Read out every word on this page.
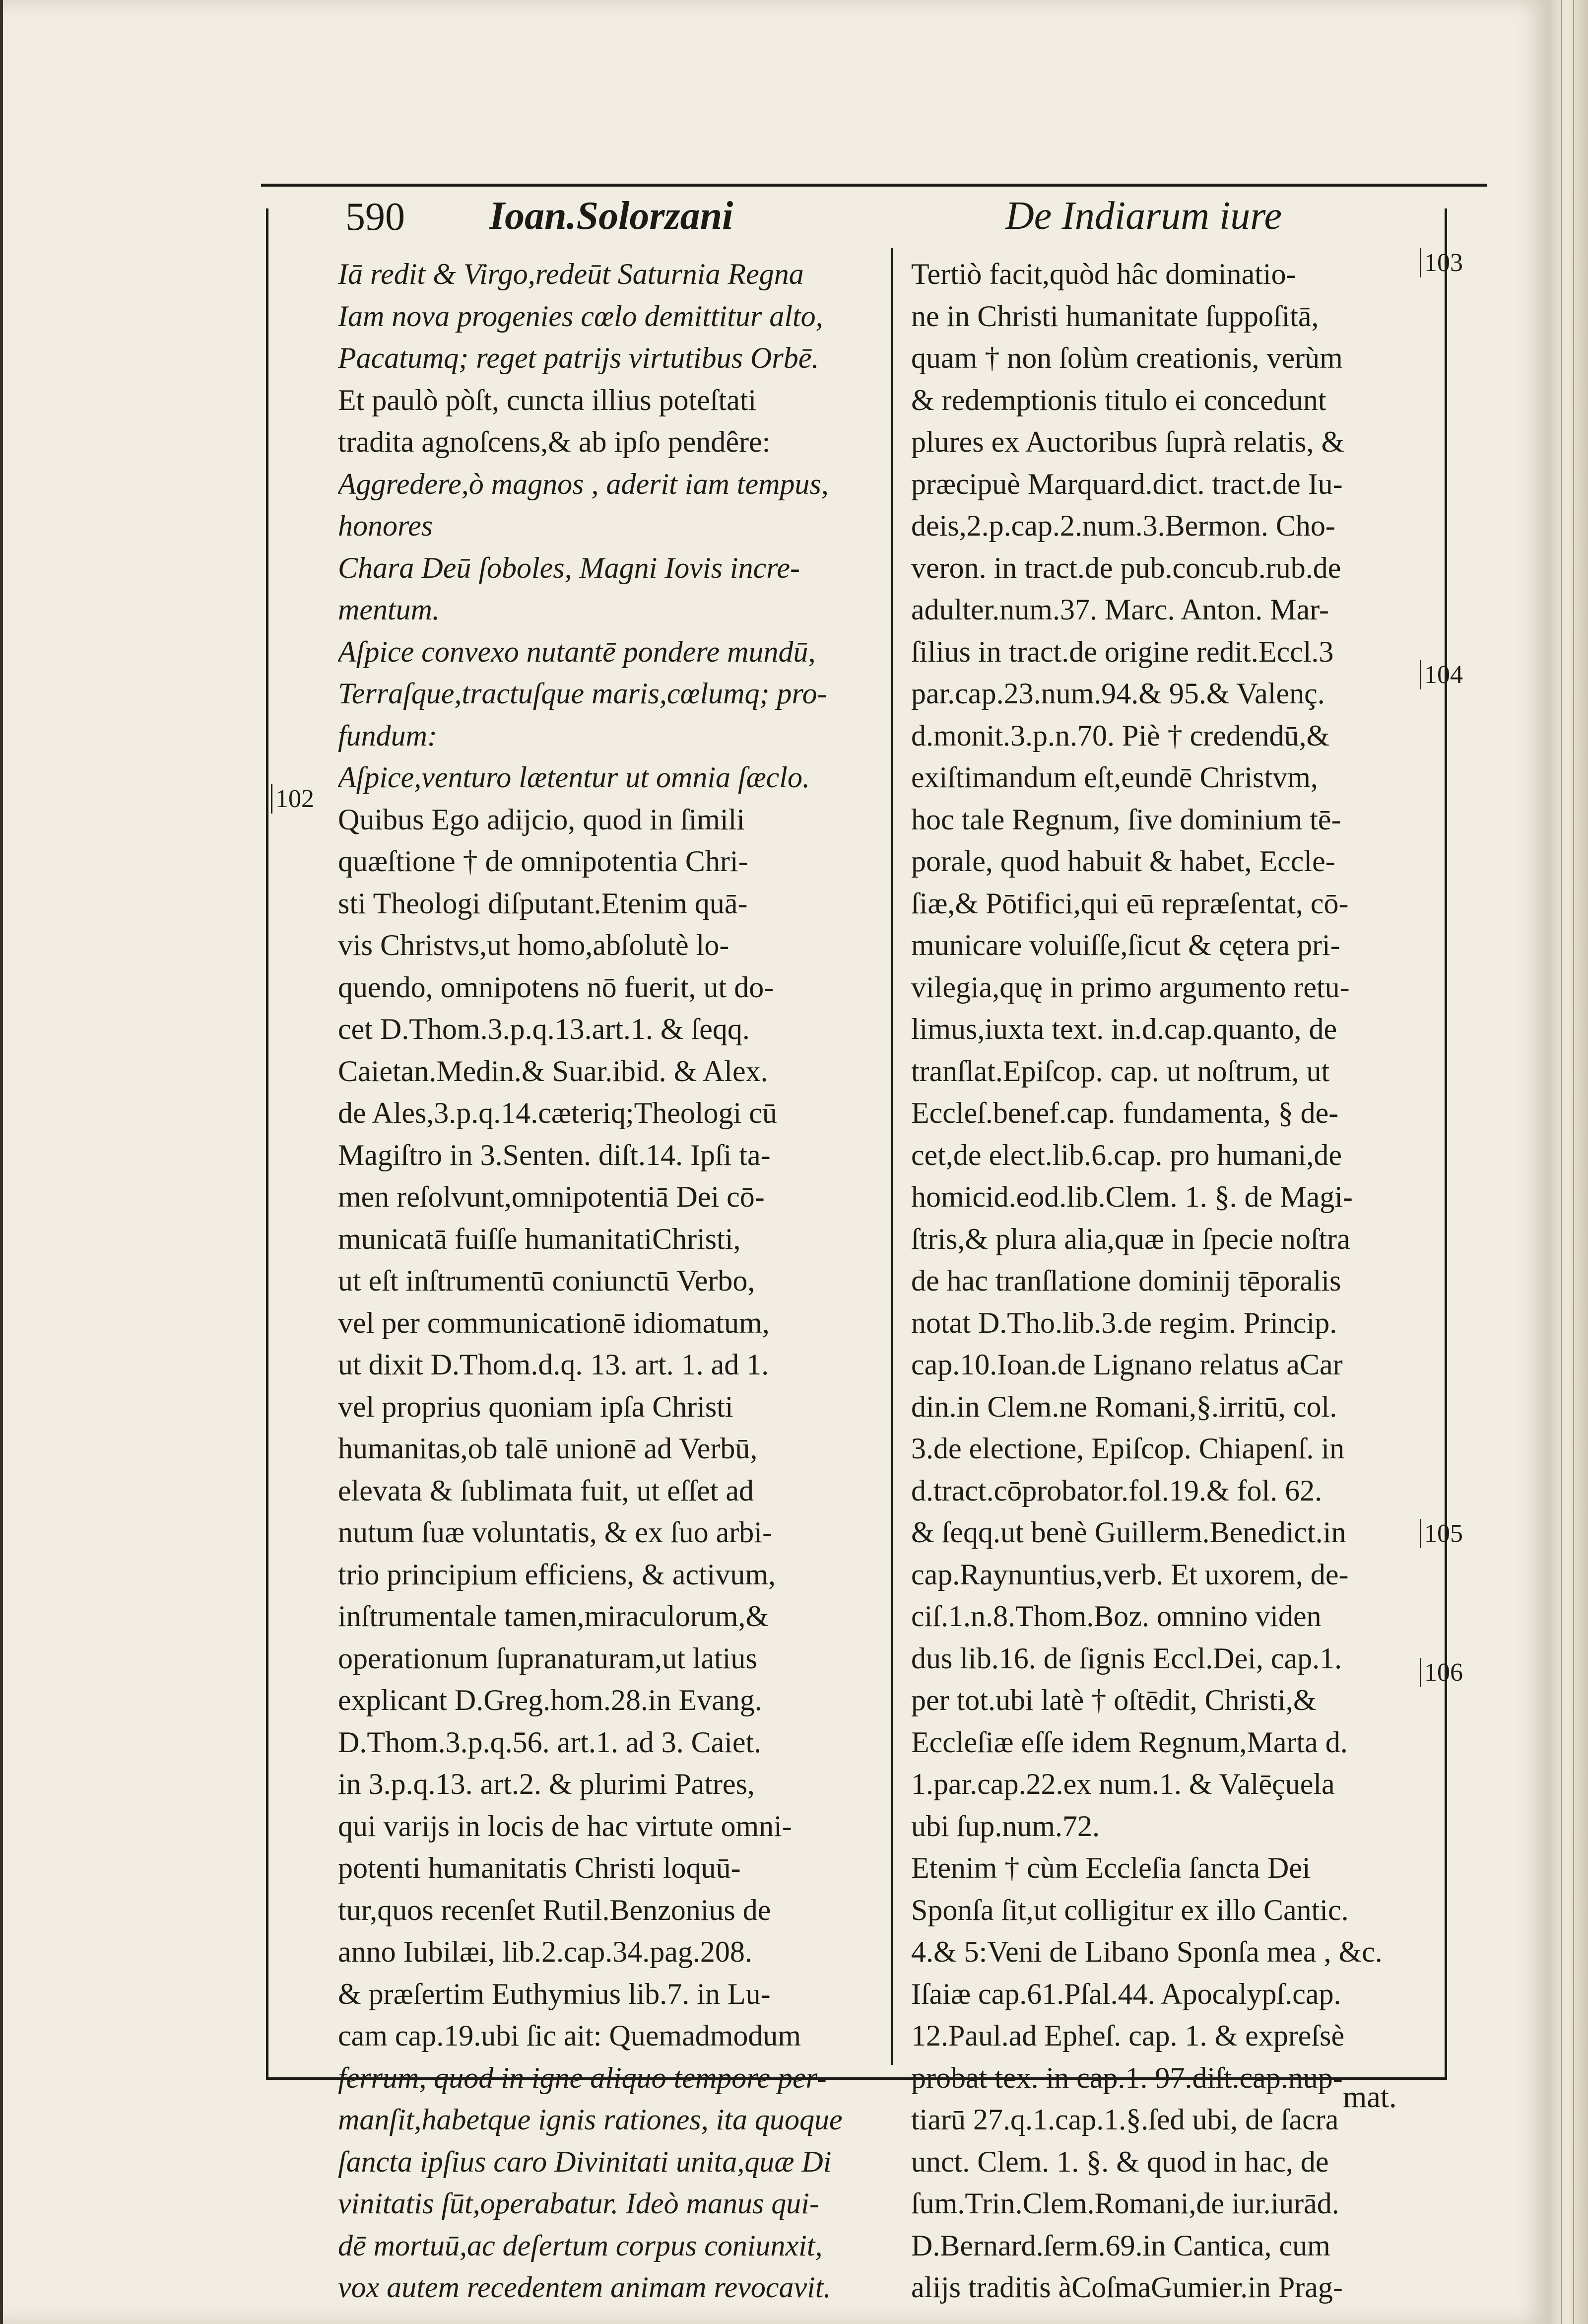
590 Ioan.Solorzani	De Indiarum iure
Iā redit & Virgo,redeūt Saturnia Regna
Iam nova progenies cœlo demittitur alto,
Pacatumq; reget patrijs virtutibus Orbē.
Et paulò pòſt, cuncta illius poteſtati
tradita agnoſcens,& ab ipſo pendêre:
Aggredere,ò magnos , aderit iam tempus,
honores
Chara Deū ſoboles, Magni Iovis incre-
mentum.
Aſpice convexo nutantē pondere mundū,
Terraſque,tractuſque maris,cœlumq; pro-
fundum:
Aſpice,venturo lætentur ut omnia ſæclo.
Quibus Ego adijcio, quod in ſimili
quæſtione † de omnipotentia Chri-
sti Theologi diſputant.Etenim quā-
vis Christvs,ut homo,abſolutè lo-
quendo, omnipotens nō fuerit, ut do-
cet D.Thom.3.p.q.13.art.1. & ſeqq.
Caietan.Medin.& Suar.ibid. & Alex.
de Ales,3.p.q.14.cæteriq;Theologi cū
Magiſtro in 3.Senten. diſt.14. Ipſi ta-
men reſolvunt,omnipotentiā Dei cō-
municatā fuiſſe humanitatiChristi,
ut eſt inſtrumentū coniunctū Verbo,
vel per communicationē idiomatum,
ut dixit D.Thom.d.q. 13. art. 1. ad 1.
vel proprius quoniam ipſa Christi
humanitas,ob talē unionē ad Verbū,
elevata & ſublimata fuit, ut eſſet ad
nutum ſuæ voluntatis, & ex ſuo arbi-
trio principium efficiens, & activum,
inſtrumentale tamen,miraculorum,&
operationum ſupranaturam,ut latius
explicant D.Greg.hom.28.in Evang.
D.Thom.3.p.q.56. art.1. ad 3. Caiet.
in 3.p.q.13. art.2. & plurimi Patres,
qui varijs in locis de hac virtute omni-
potenti humanitatis Christi loquū-
tur,quos recenſet Rutil.Benzonius de
anno Iubilæi, lib.2.cap.34.pag.208.
& præſertim Euthymius lib.7. in Lu-
cam cap.19.ubi ſic ait: Quemadmodum
ferrum, quod in igne aliquo tempore per-
manſit,habetque ignis rationes, ita quoque
ſancta ipſius caro Divinitati unita,quæ Di
vinitatis ſūt,operabatur. Ideò manus qui-
dē mortuū,ac deſertum corpus coniunxit,
vox autem recedentem animam revocavit.
Tertiò facit,quòd hâc dominatio-
ne in Christi humanitate ſuppoſitā,
quam † non ſolùm creationis, verùm
& redemptionis titulo ei concedunt
plures ex Auctoribus ſuprà relatis, &
præcipuè Marquard.dict. tract.de Iu-
deis,2.p.cap.2.num.3.Bermon. Cho-
veron. in tract.de pub.concub.rub.de
adulter.num.37. Marc. Anton. Mar-
ſilius in tract.de origine redit.Eccl.3
par.cap.23.num.94.& 95.& Valenç.
d.monit.3.p.n.70. Piè † credendū,&
exiſtimandum eſt,eundē Christvm,
hoc tale Regnum, ſive dominium tē-
porale, quod habuit & habet, Eccle-
ſiæ,& Pōtifici,qui eū repræſentat, cō-
municare voluiſſe,ſicut & cętera pri-
vilegia,quę in primo argumento retu-
limus,iuxta text. in.d.cap.quanto, de
tranſlat.Epiſcop. cap. ut noſtrum, ut
Eccleſ.benef.cap. fundamenta, § de-
cet,de elect.lib.6.cap. pro humani,de
homicid.eod.lib.Clem. 1. §. de Magi-
ſtris,& plura alia,quæ in ſpecie noſtra
de hac tranſlatione dominij tēporalis
notat D.Tho.lib.3.de regim. Princip.
cap.10.Ioan.de Lignano relatus aCar
din.in Clem.ne Romani,§.irritū, col.
3.de electione, Epiſcop. Chiapenſ. in
d.tract.cōprobator.fol.19.& fol. 62.
& ſeqq.ut benè Guillerm.Benedict.in
cap.Raynuntius,verb. Et uxorem, de-
ciſ.1.n.8.Thom.Boz. omnino viden
dus lib.16. de ſignis Eccl.Dei, cap.1.
per tot.ubi latè † oſtēdit, Christi,&
Eccleſiæ eſſe idem Regnum,Marta d.
1.par.cap.22.ex num.1. & Valēçuela
ubi ſup.num.72.
Etenim † cùm Eccleſia ſancta Dei
Sponſa ſit,ut colligitur ex illo Cantic.
4.& 5:Veni de Libano Sponſa mea , &c.
Iſaiæ cap.61.Pſal.44. Apocalypſ.cap.
12.Paul.ad Epheſ. cap. 1. & expreſsè
probat tex. in cap.1. 97.diſt.cap.nup-
tiarū 27.q.1.cap.1.§.ſed ubi, de ſacra
unct. Clem. 1. §. & quod in hac, de
ſum.Trin.Clem.Romani,de iur.iurād.
D.Bernard.ſerm.69.in Cantica, cum
alijs traditis àCoſmaGumier.in Prag-
102
103
104
105
106
mat.
